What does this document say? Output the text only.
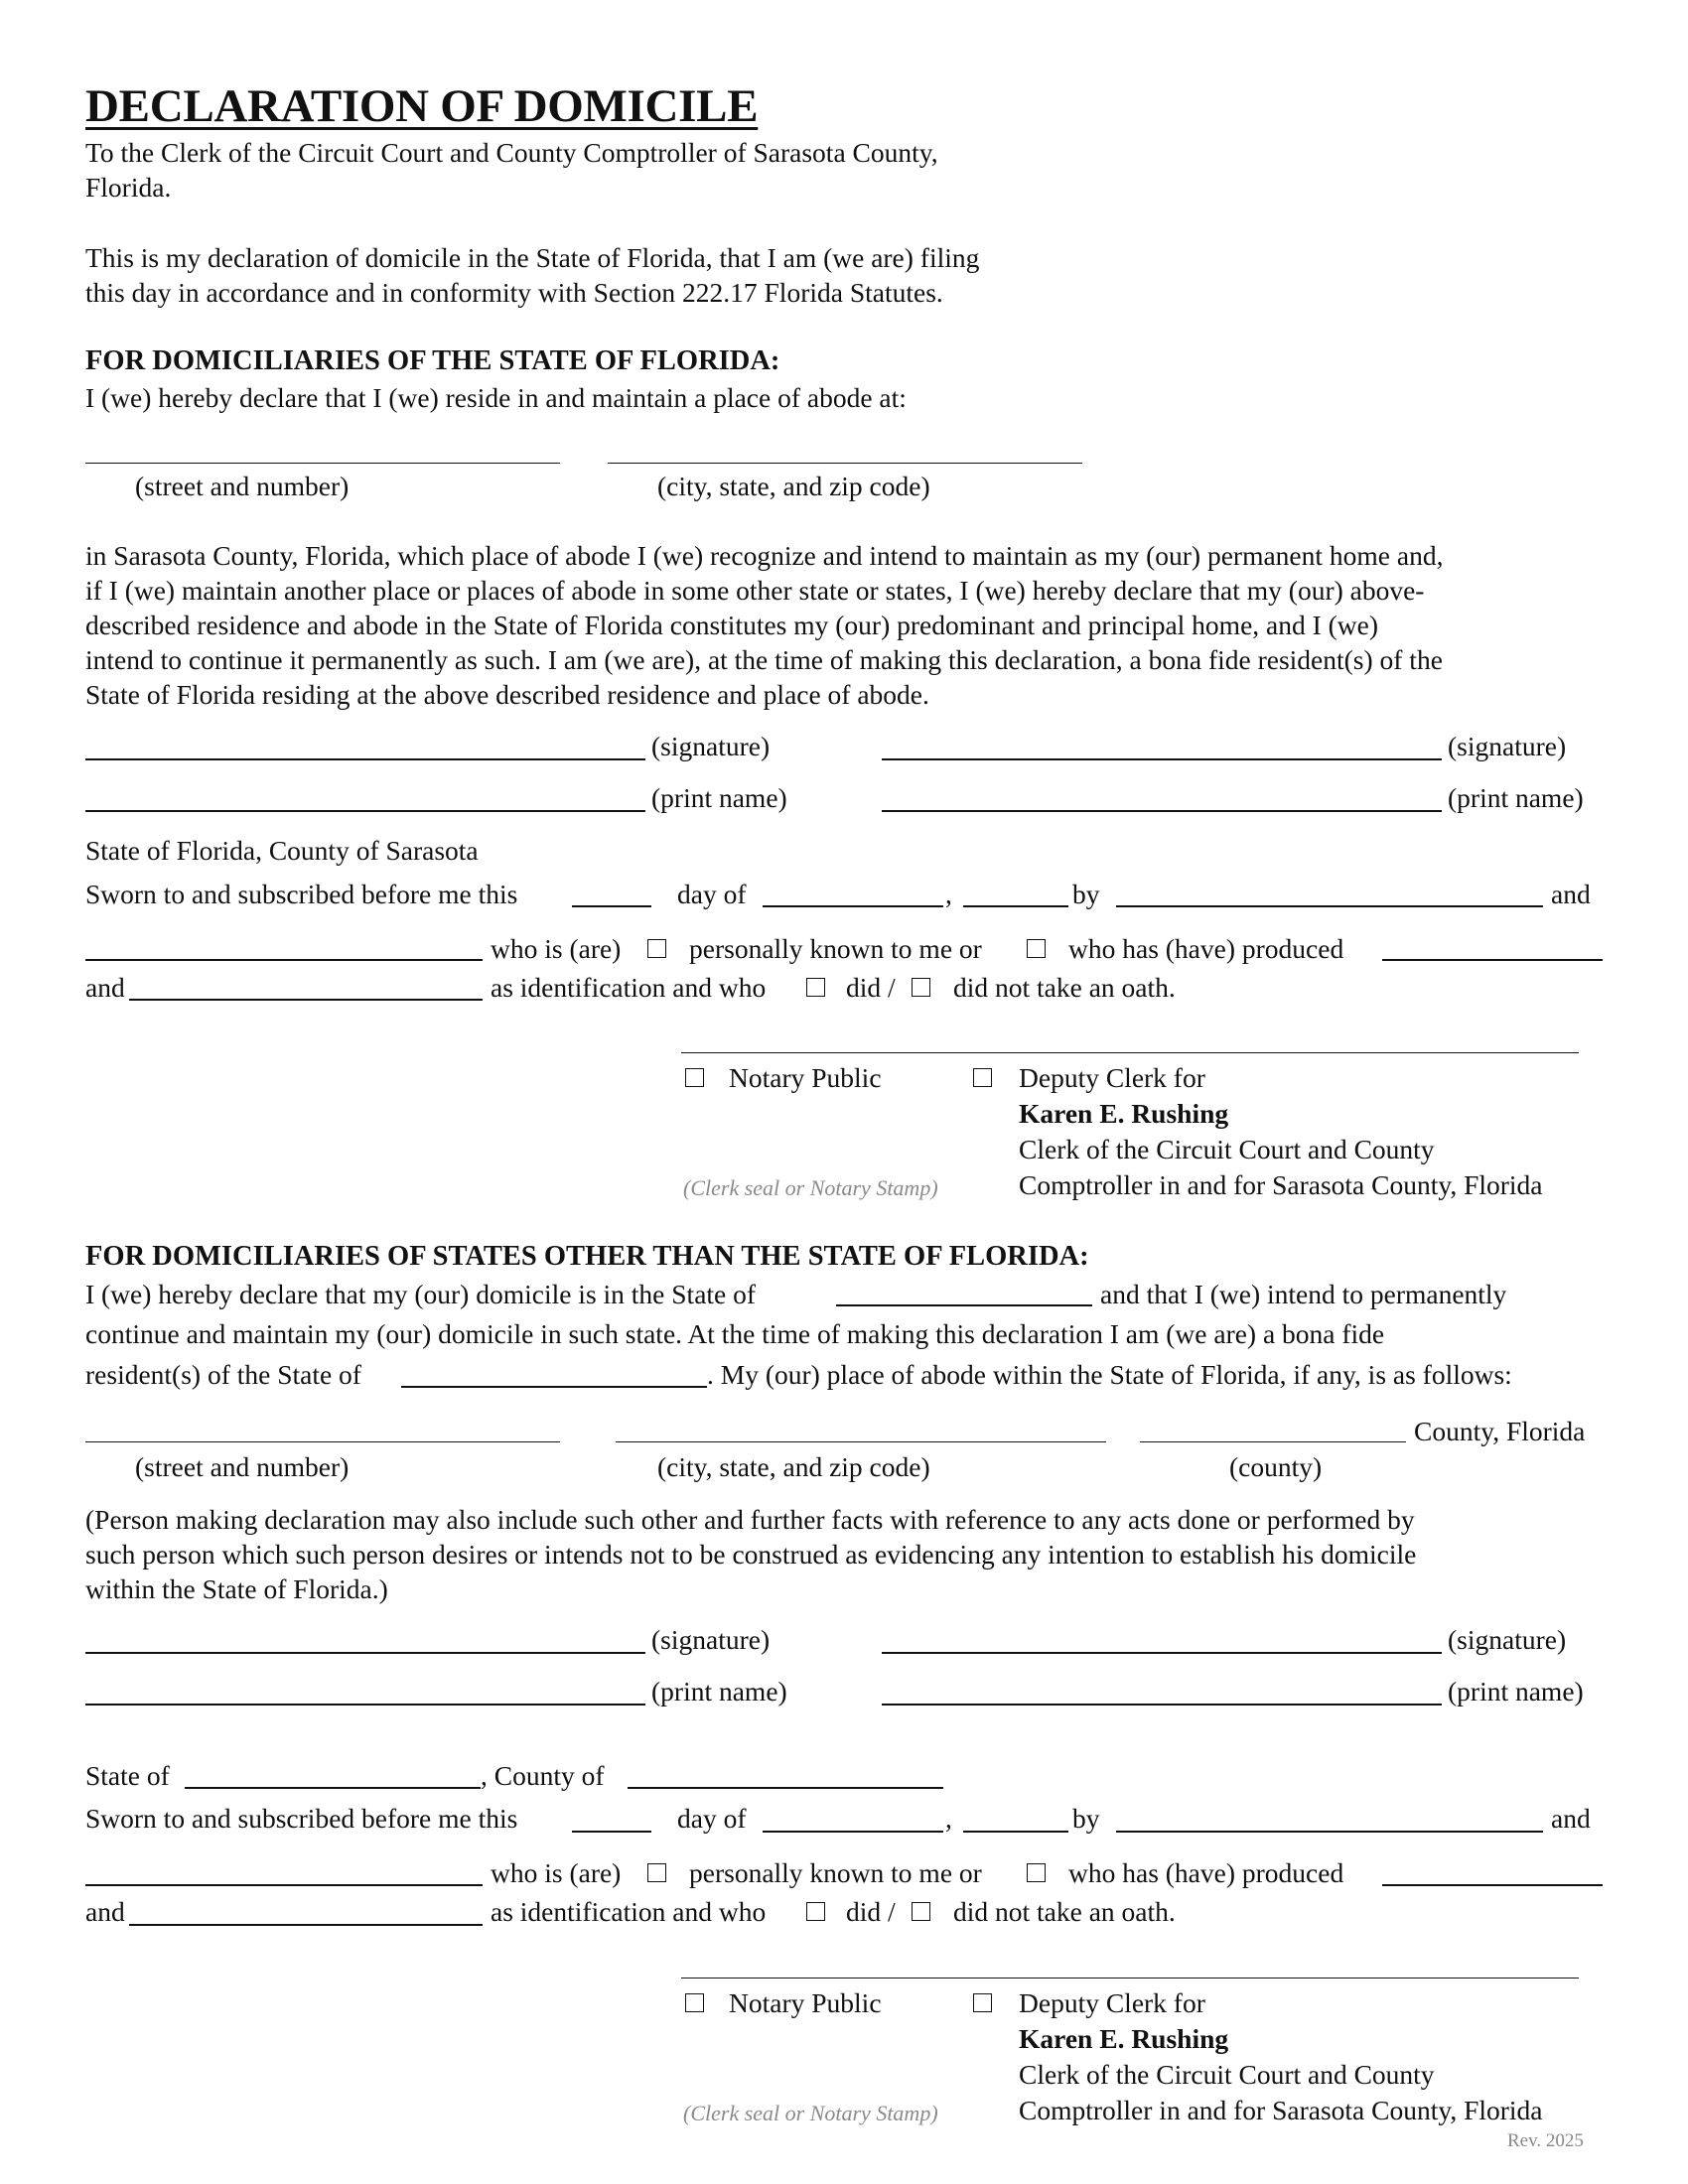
DECLARATION OF DOMICILE
To the Clerk of the Circuit Court and County Comptroller of Sarasota County,
Florida.
This is my declaration of domicile in the State of Florida, that I am (we are) filing
this day in accordance and in conformity with Section 222.17 Florida Statutes.
FOR DOMICILIARIES OF THE STATE OF FLORIDA:
I (we) hereby declare that I (we) reside in and maintain a place of abode at:
(street and number)	(city, state, and zip code)
in Sarasota County, Florida, which place of abode I (we) recognize and intend to maintain as my (our) permanent home and,
if I (we) maintain another place or places of abode in some other state or states, I (we) hereby declare that my (our) above-
described residence and abode in the State of Florida constitutes my (our) predominant and principal home, and I (we)
intend to continue it permanently as such. I am (we are), at the time of making this declaration, a bona fide resident(s) of the
State of Florida residing at the above described residence and place of abode.
(signature)	(signature)
(print name)	(print name)
State of Florida, County of Sarasota
Sworn to and subscribed before me this	day of	,	by	and
who is (are) personally known to me or	who has (have) produced
and	as identification and who	did / did not take an oath.
Notary Public	Deputy Clerk for
Karen E. Rushing
Clerk of the Circuit Court and County
(Clerk seal or Notary Stamp)	Comptroller in and for Sarasota County, Florida
FOR DOMICILIARIES OF STATES OTHER THAN THE STATE OF FLORIDA:
I (we) hereby declare that my (our) domicile is in the State of	and that I (we) intend to permanently
continue and maintain my (our) domicile in such state. At the time of making this declaration I am (we are) a bona fide
resident(s) of the State of	. My (our) place of abode within the State of Florida, if any, is as follows:
County, Florida
(street and number)	(city, state, and zip code)	(county)
(Person making declaration may also include such other and further facts with reference to any acts done or performed by
such person which such person desires or intends not to be construed as evidencing any intention to establish his domicile
within the State of Florida.)
(signature)	(signature)
(print name)	(print name)
State of	, County of
Sworn to and subscribed before me this	day of	,	by	and
who is (are) personally known to me or	who has (have) produced
and	as identification and who	did / did not take an oath.
Notary Public	Deputy Clerk for
Karen E. Rushing
Clerk of the Circuit Court and County
(Clerk seal or Notary Stamp)	Comptroller in and for Sarasota County, Florida
Rev. 2025
